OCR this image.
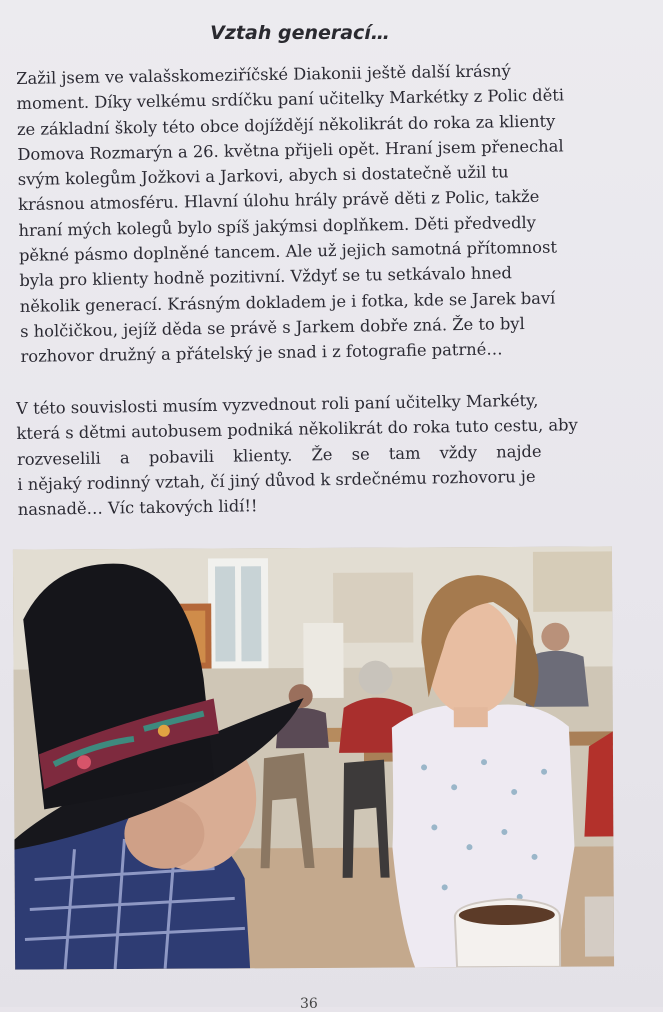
Vztah generací…
Zažil jsem ve valašskomeziříčské Diakonii ještě další krásný
moment. Díky velkému srdíčku paní učitelky Markétky z Polic děti
ze základní školy této obce dojíždějí několikrát do roka za klienty
Domova Rozmarýn a 26. května přijeli opět. Hraní jsem přenechal
svým kolegům Jožkovi a Jarkovi, abych si dostatečně užil tu
krásnou atmosféru. Hlavní úlohu hrály právě děti z Polic, takže
hraní mých kolegů bylo spíš jakýmsi doplňkem. Děti předvedly
pěkné pásmo doplněné tancem. Ale už jejich samotná přítomnost
byla pro klienty hodně pozitivní. Vždyť se tu setkávalo hned
několik generací. Krásným dokladem je i fotka, kde se Jarek baví
s holčičkou, jejíž děda se právě s Jarkem dobře zná. Že to byl
rozhovor družný a přátelský je snad i z fotografie patrné…
V této souvislosti musím vyzvednout roli paní učitelky Markéty,
která s dětmi autobusem podniká několikrát do roka tuto cestu, aby
rozveselili a pobavili klienty. Že se tam vždy najde
i nějaký rodinný vztah, čí jiný důvod k srdečnému rozhovoru je
nasnadě… Víc takových lidí!!
36
